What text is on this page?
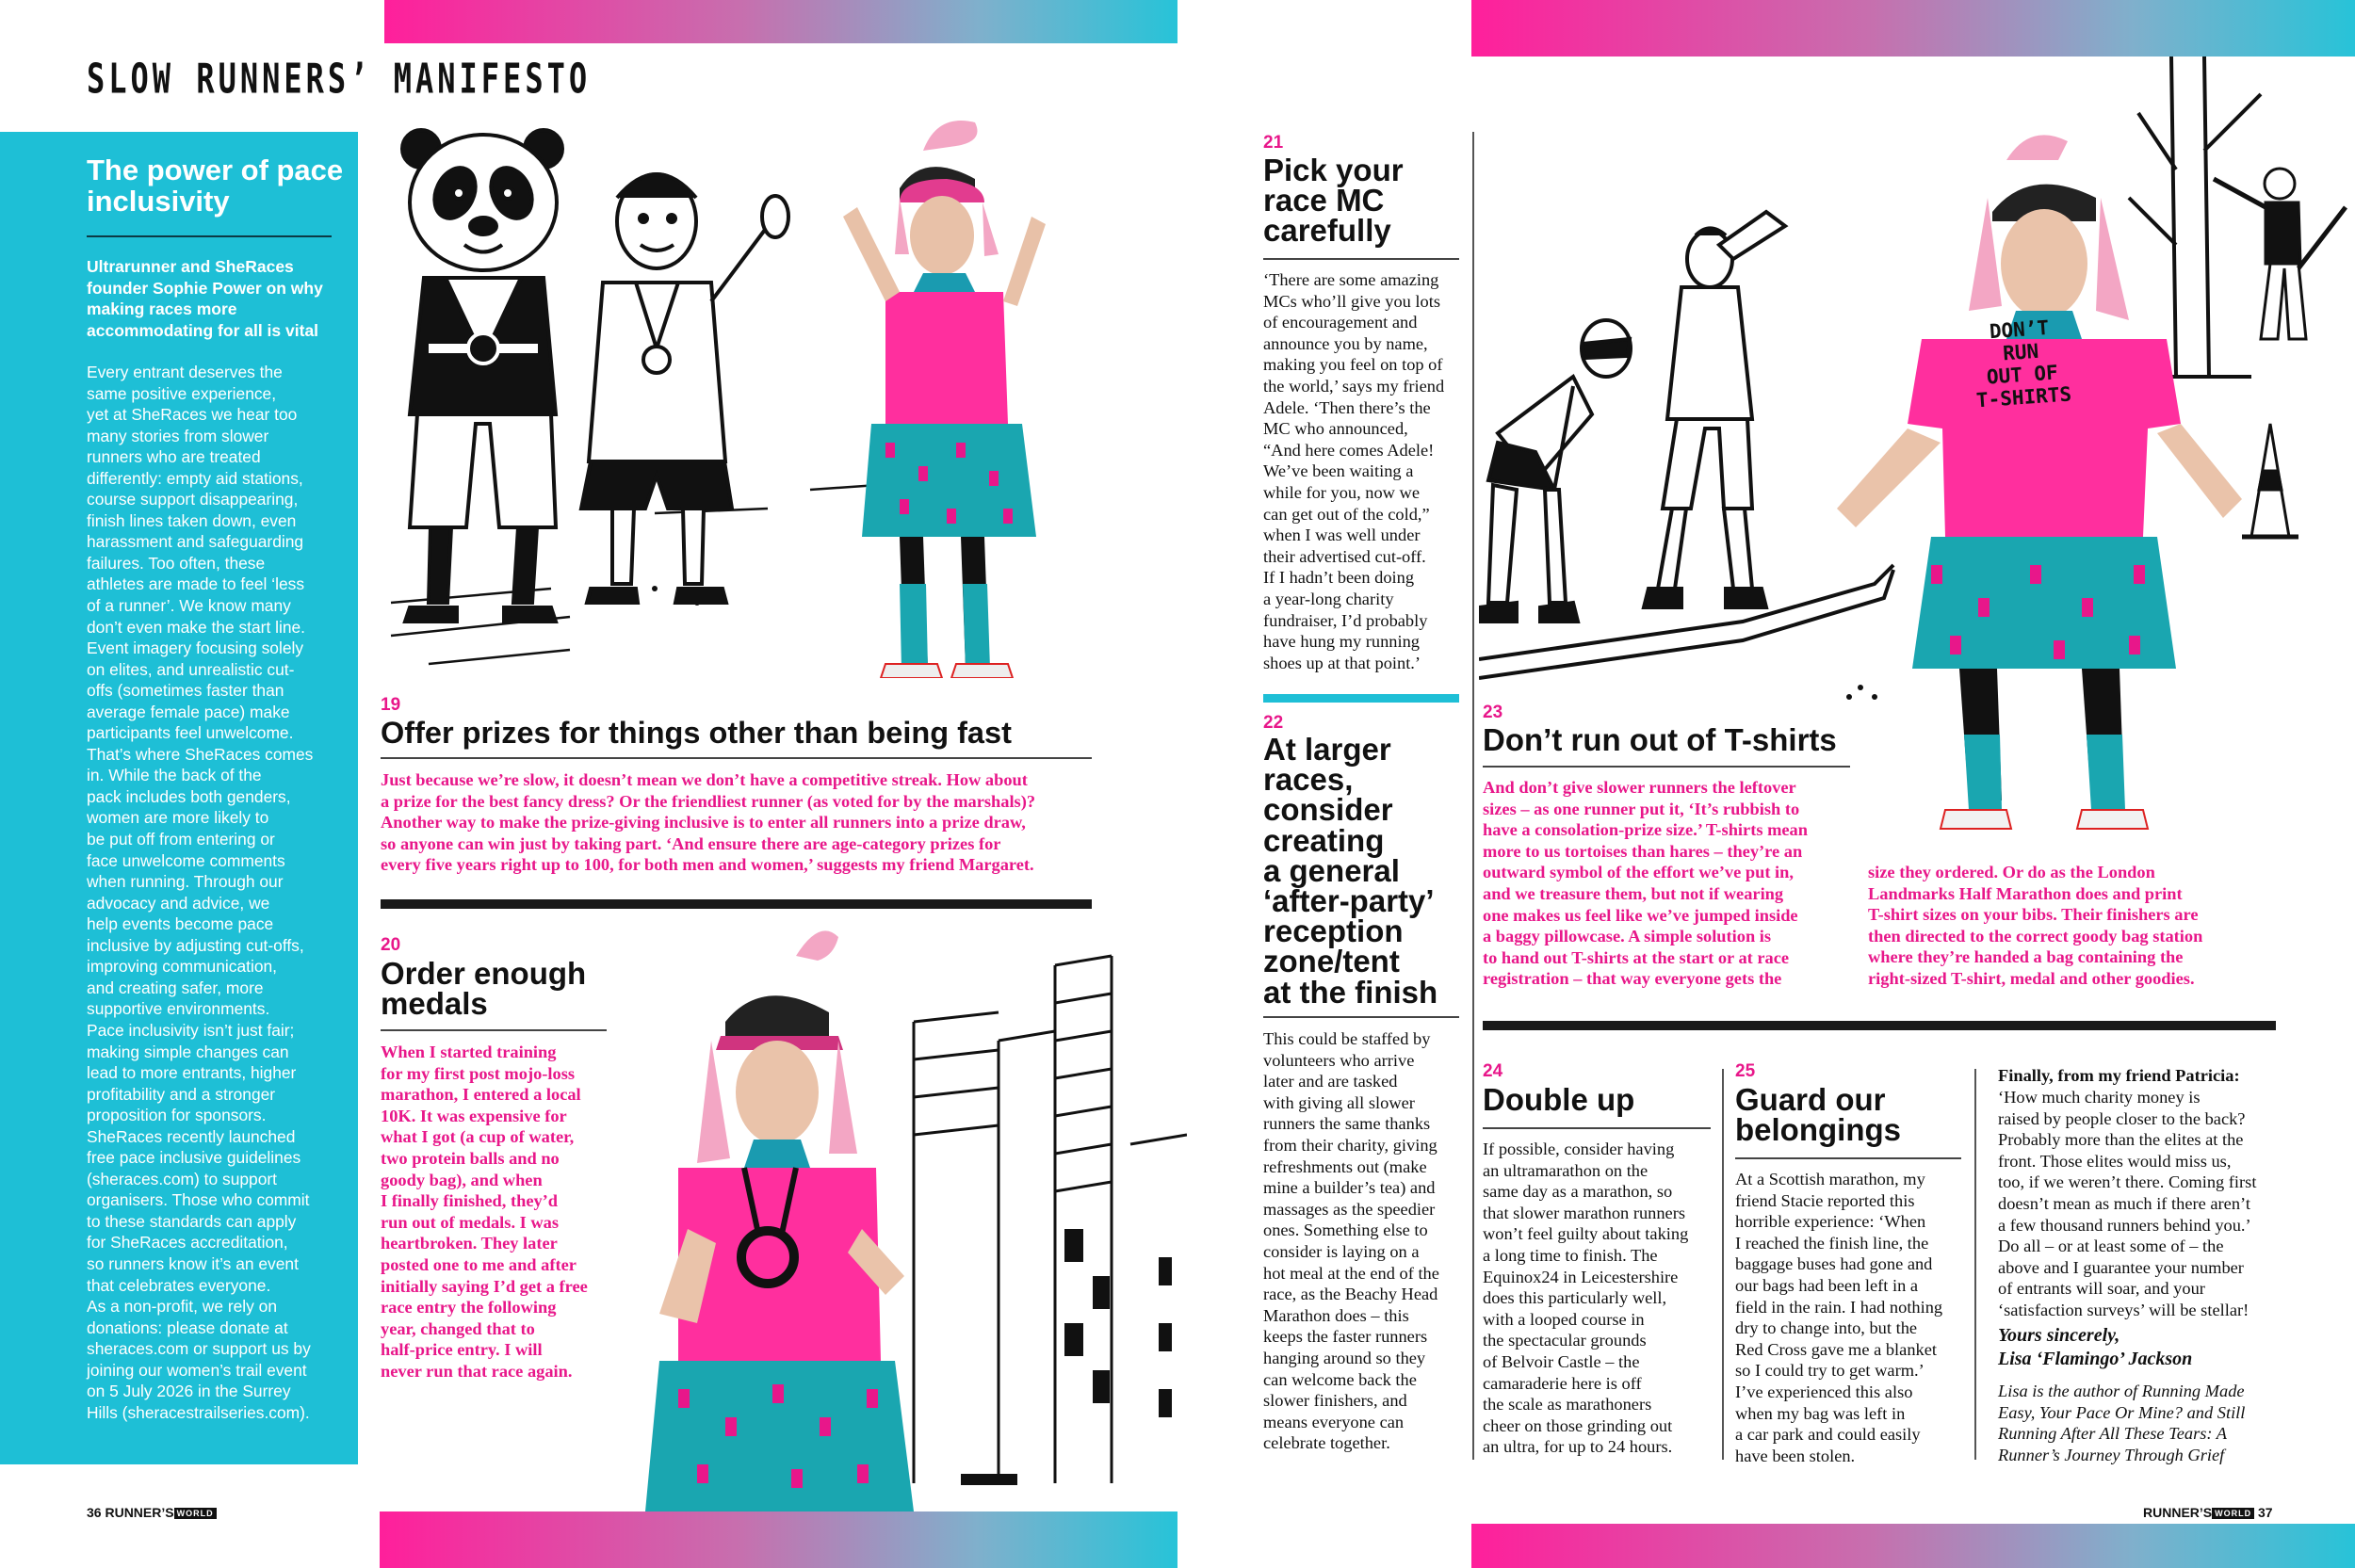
SLOW RUNNERS’ MANIFESTO
The power of pace inclusivity
Ultrarunner and SheRaces founder Sophie Power on why making races more accommodating for all is vital
Every entrant deserves the
same positive experience,
yet at SheRaces we hear too
many stories from slower
runners who are treated
differently: empty aid stations,
course support disappearing,
finish lines taken down, even
harassment and safeguarding
failures. Too often, these
athletes are made to feel ‘less
of a runner’. We know many
don’t even make the start line.
Event imagery focusing solely
on elites, and unrealistic cut-
offs (sometimes faster than
average female pace) make
participants feel unwelcome.
That’s where SheRaces comes
in. While the back of the
pack includes both genders,
women are more likely to
be put off from entering or
face unwelcome comments
when running. Through our
advocacy and advice, we
help events become pace
inclusive by adjusting cut-offs,
improving communication,
and creating safer, more
supportive environments.
Pace inclusivity isn’t just fair;
making simple changes can
lead to more entrants, higher
profitability and a stronger
proposition for sponsors.
SheRaces recently launched
free pace inclusive guidelines
(sheraces.com) to support
organisers. Those who commit
to these standards can apply
for SheRaces accreditation,
so runners know it’s an event
that celebrates everyone.
As a non-profit, we rely on
donations: please donate at
sheraces.com or support us by
joining our women’s trail event
on 5 July 2026 in the Surrey
Hills (sheracestrailseries.com).
19
Offer prizes for things other than being fast
Just because we’re slow, it doesn’t mean we don’t have a competitive streak. How about
a prize for the best fancy dress? Or the friendliest runner (as voted for by the marshals)?
Another way to make the prize-giving inclusive is to enter all runners into a prize draw,
so anyone can win just by taking part. ‘And ensure there are age-category prizes for
every five years right up to 100, for both men and women,’ suggests my friend Margaret.
20
Order enough
medals
When I started training
for my first post mojo-loss
marathon, I entered a local
10K. It was expensive for
what I got (a cup of water,
two protein balls and no
goody bag), and when
I finally finished, they’d
run out of medals. I was
heartbroken. They later
posted one to me and after
initially saying I’d get a free
race entry the following
year, changed that to
half-price entry. I will
never run that race again.
21
Pick your
race MC
carefully
‘There are some amazing
MCs who’ll give you lots
of encouragement and
announce you by name,
making you feel on top of
the world,’ says my friend
Adele. ‘Then there’s the
MC who announced,
“And here comes Adele!
We’ve been waiting a
while for you, now we
can get out of the cold,”
when I was well under
their advertised cut-off.
If I hadn’t been doing
a year-long charity
fundraiser, I’d probably
have hung my running
shoes up at that point.’
22
At larger
races,
consider
creating
a general
‘after-party’
reception
zone/tent
at the finish
This could be staffed by
volunteers who arrive
later and are tasked
with giving all slower
runners the same thanks
from their charity, giving
refreshments out (make
mine a builder’s tea) and
massages as the speedier
ones. Something else to
consider is laying on a
hot meal at the end of the
race, as the Beachy Head
Marathon does – this
keeps the faster runners
hanging around so they
can welcome back the
slower finishers, and
means everyone can
celebrate together.
DON’T
RUN
OUT OF
T-SHIRTS
23
Don’t run out of T-shirts
And don’t give slower runners the leftover
sizes – as one runner put it, ‘It’s rubbish to
have a consolation-prize size.’ T-shirts mean
more to us tortoises than hares – they’re an
outward symbol of the effort we’ve put in,
and we treasure them, but not if wearing
one makes us feel like we’ve jumped inside
a baggy pillowcase. A simple solution is
to hand out T-shirts at the start or at race
registration – that way everyone gets the
size they ordered. Or do as the London
Landmarks Half Marathon does and print
T-shirt sizes on your bibs. Their finishers are
then directed to the correct goody bag station
where they’re handed a bag containing the
right-sized T-shirt, medal and other goodies.
24
Double up
If possible, consider having
an ultramarathon on the
same day as a marathon, so
that slower marathon runners
won’t feel guilty about taking
a long time to finish. The
Equinox24 in Leicestershire
does this particularly well,
with a looped course in
the spectacular grounds
of Belvoir Castle – the
camaraderie here is off
the scale as marathoners
cheer on those grinding out
an ultra, for up to 24 hours.
25
Guard our
belongings
At a Scottish marathon, my
friend Stacie reported this
horrible experience: ‘When
I reached the finish line, the
baggage buses had gone and
our bags had been left in a
field in the rain. I had nothing
dry to change into, but the
Red Cross gave me a blanket
so I could try to get warm.’
I’ve experienced this also
when my bag was left in
a car park and could easily
have been stolen.
Finally, from my friend Patricia:
‘How much charity money is
raised by people closer to the back?
Probably more than the elites at the
front. Those elites would miss us,
too, if we weren’t there. Coming first
doesn’t mean as much if there aren’t
a few thousand runners behind you.’
Do all – or at least some of – the
above and I guarantee your number
of entrants will soar, and your
‘satisfaction surveys’ will be stellar!
Yours sincerely,
Lisa ‘Flamingo’ Jackson
Lisa is the author of Running Made
Easy, Your Pace Or Mine? and Still
Running After All These Tears: A
Runner’s Journey Through Grief
36 RUNNER’S WORLD	RUNNER’S WORLD 37
